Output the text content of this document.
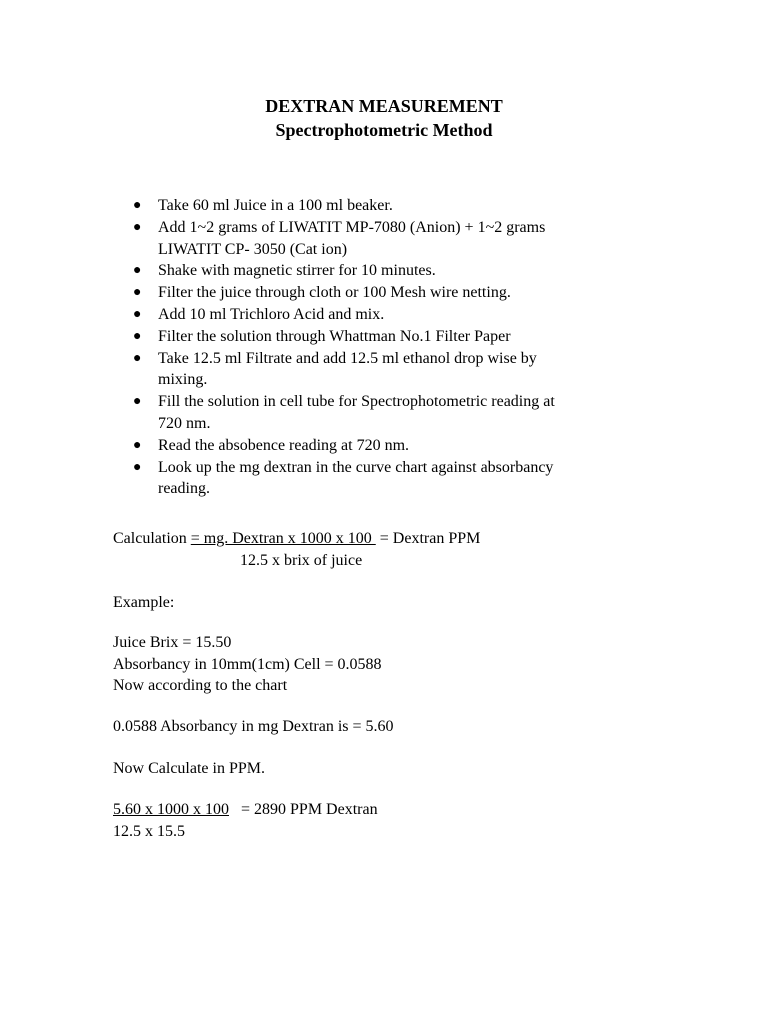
DEXTRAN MEASUREMENT
Spectrophotometric Method
● Take 60 ml Juice in a 100 ml beaker.
● Add 1~2 grams of LIWATIT MP-7080 (Anion) + 1~2 grams LIWATIT CP- 3050 (Cat ion)
● Shake with magnetic stirrer for 10 minutes.
● Filter the juice through cloth or 100 Mesh wire netting.
● Add 10 ml Trichloro Acid and mix.
● Filter the solution through Whattman No.1 Filter Paper
● Take 12.5 ml Filtrate and add 12.5 ml ethanol drop wise by mixing.
● Fill the solution in cell tube for Spectrophotometric reading at 720 nm.
● Read the absobence reading at 720 nm.
● Look up the mg dextran in the curve chart against absorbancy reading.
Calculation = mg. Dextran x 1000 x 100  = Dextran PPM
12.5 x brix of juice
Example:
Juice Brix = 15.50
Absorbancy in 10mm(1cm) Cell = 0.0588
Now according to the chart
0.0588 Absorbancy in mg Dextran is = 5.60
Now Calculate in PPM.
5.60 x 1000 x 100   = 2890 PPM Dextran
12.5 x 15.5
